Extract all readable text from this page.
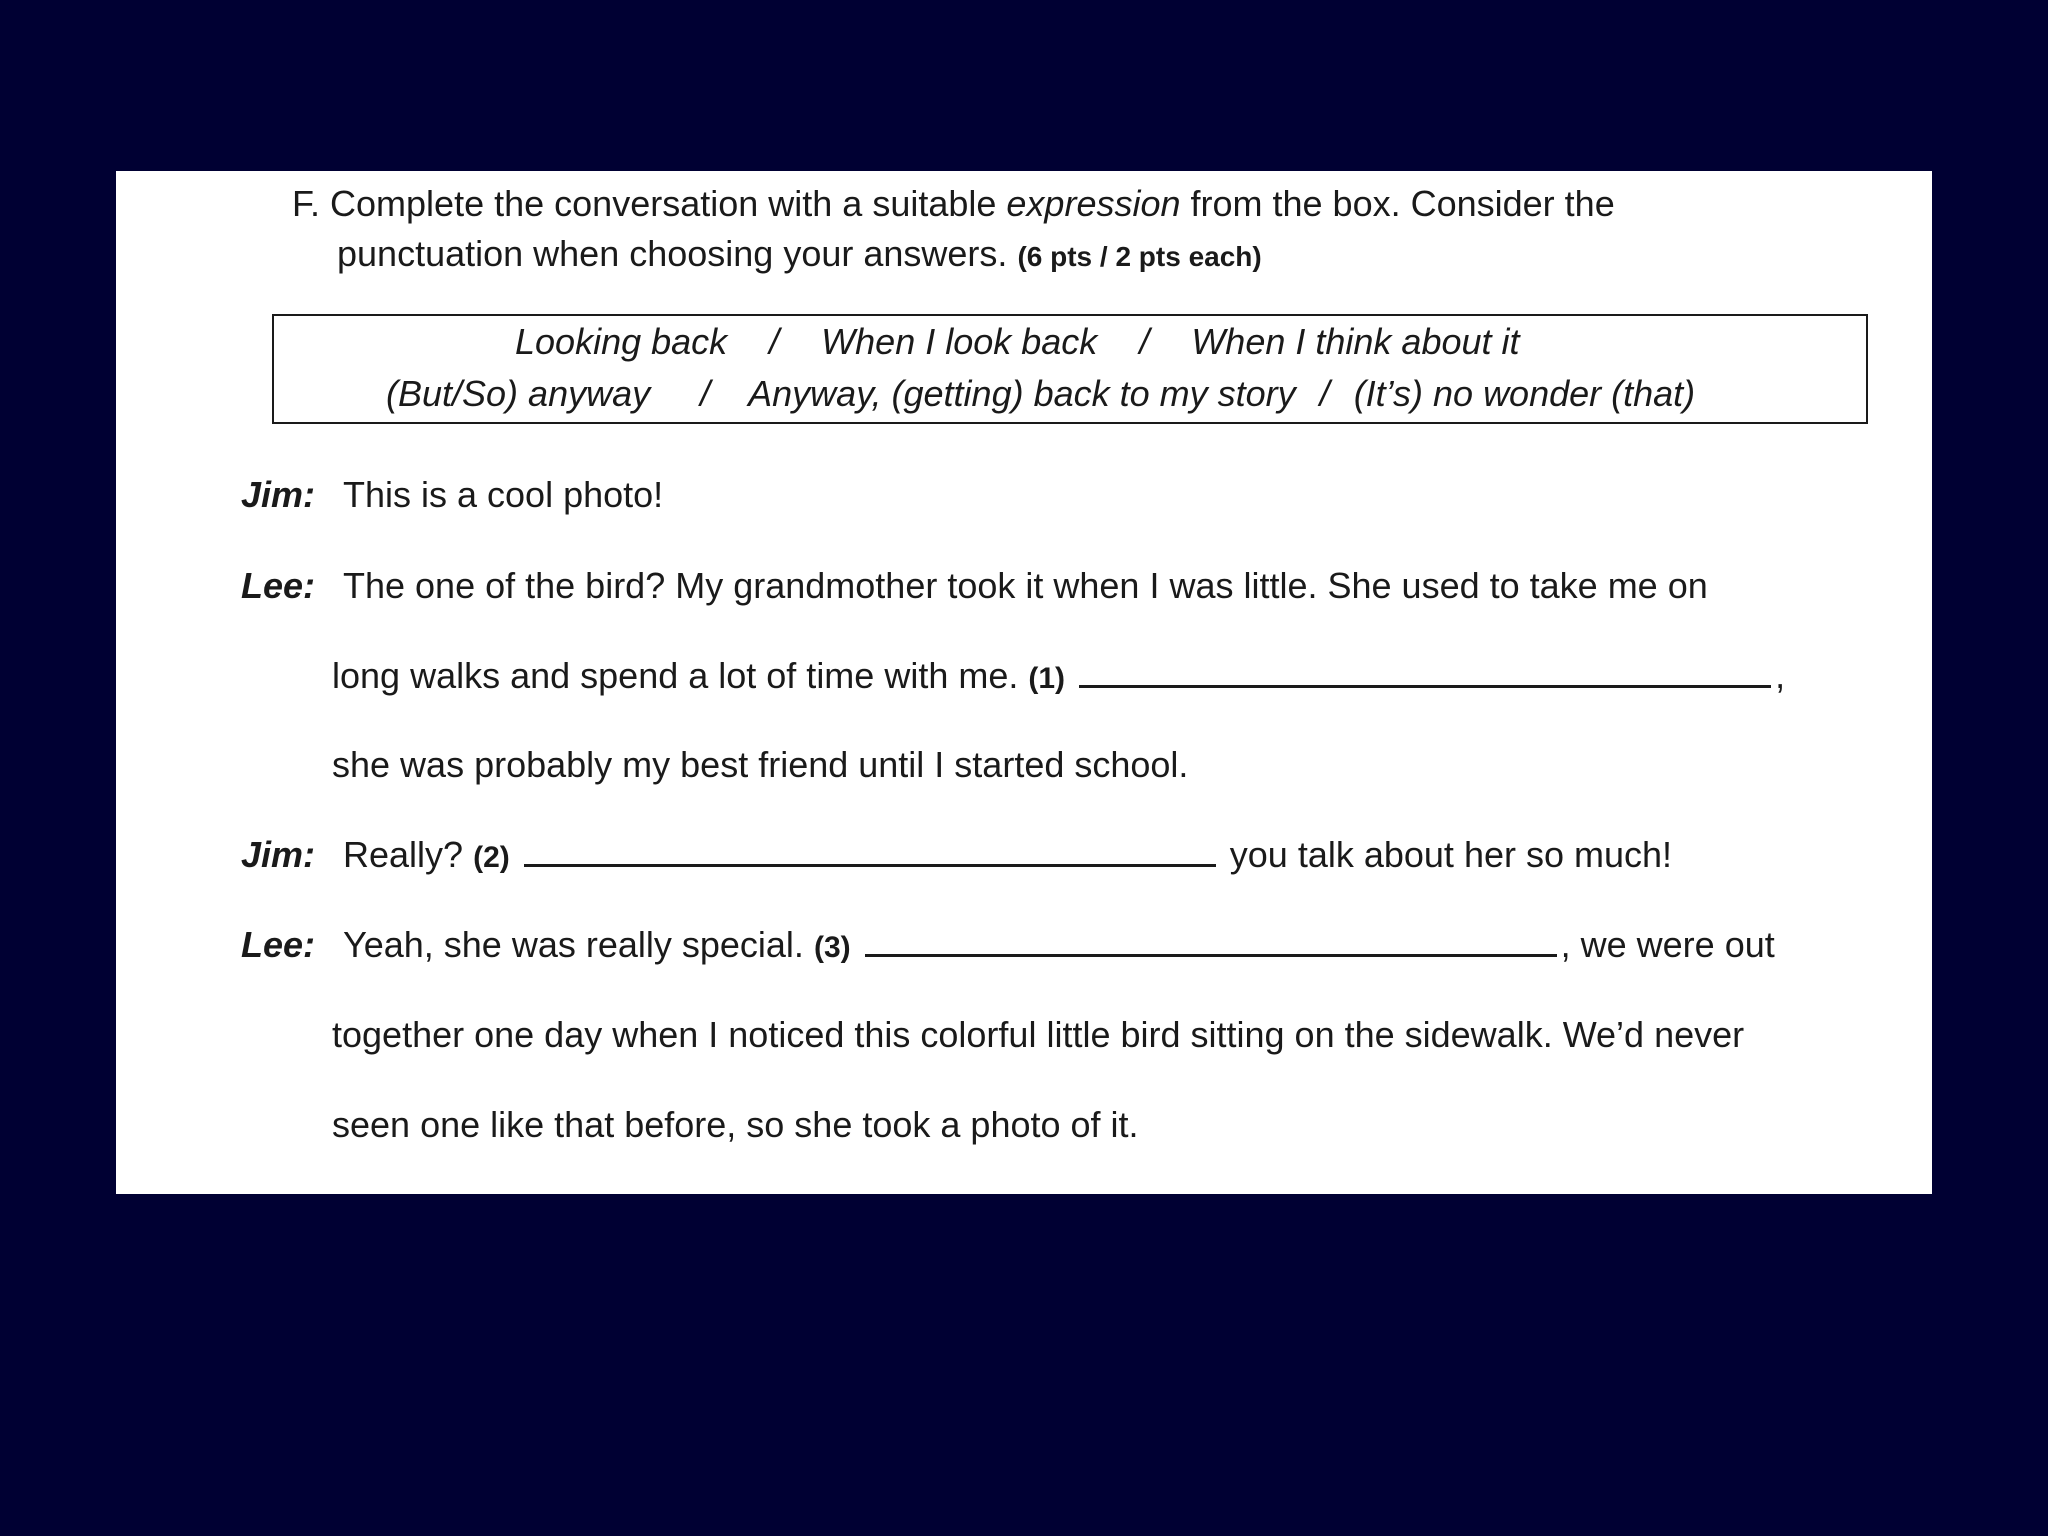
F. Complete the conversation with a suitable expression from the box. Consider the
punctuation when choosing your answers. (6 pts / 2 pts each)
Looking back / When I look back / When I think about it
(But/So) anyway / Anyway, (getting) back to my story / (It’s) no wonder (that)
Jim: This is a cool photo!
Lee: The one of the bird? My grandmother took it when I was little. She used to take me on
long walks and spend a lot of time with me. (1)	,
she was probably my best friend until I started school.
Jim: Really? (2)	you talk about her so much!
Lee: Yeah, she was really special. (3)	, we were out
together one day when I noticed this colorful little bird sitting on the sidewalk. We’d never
seen one like that before, so she took a photo of it.
